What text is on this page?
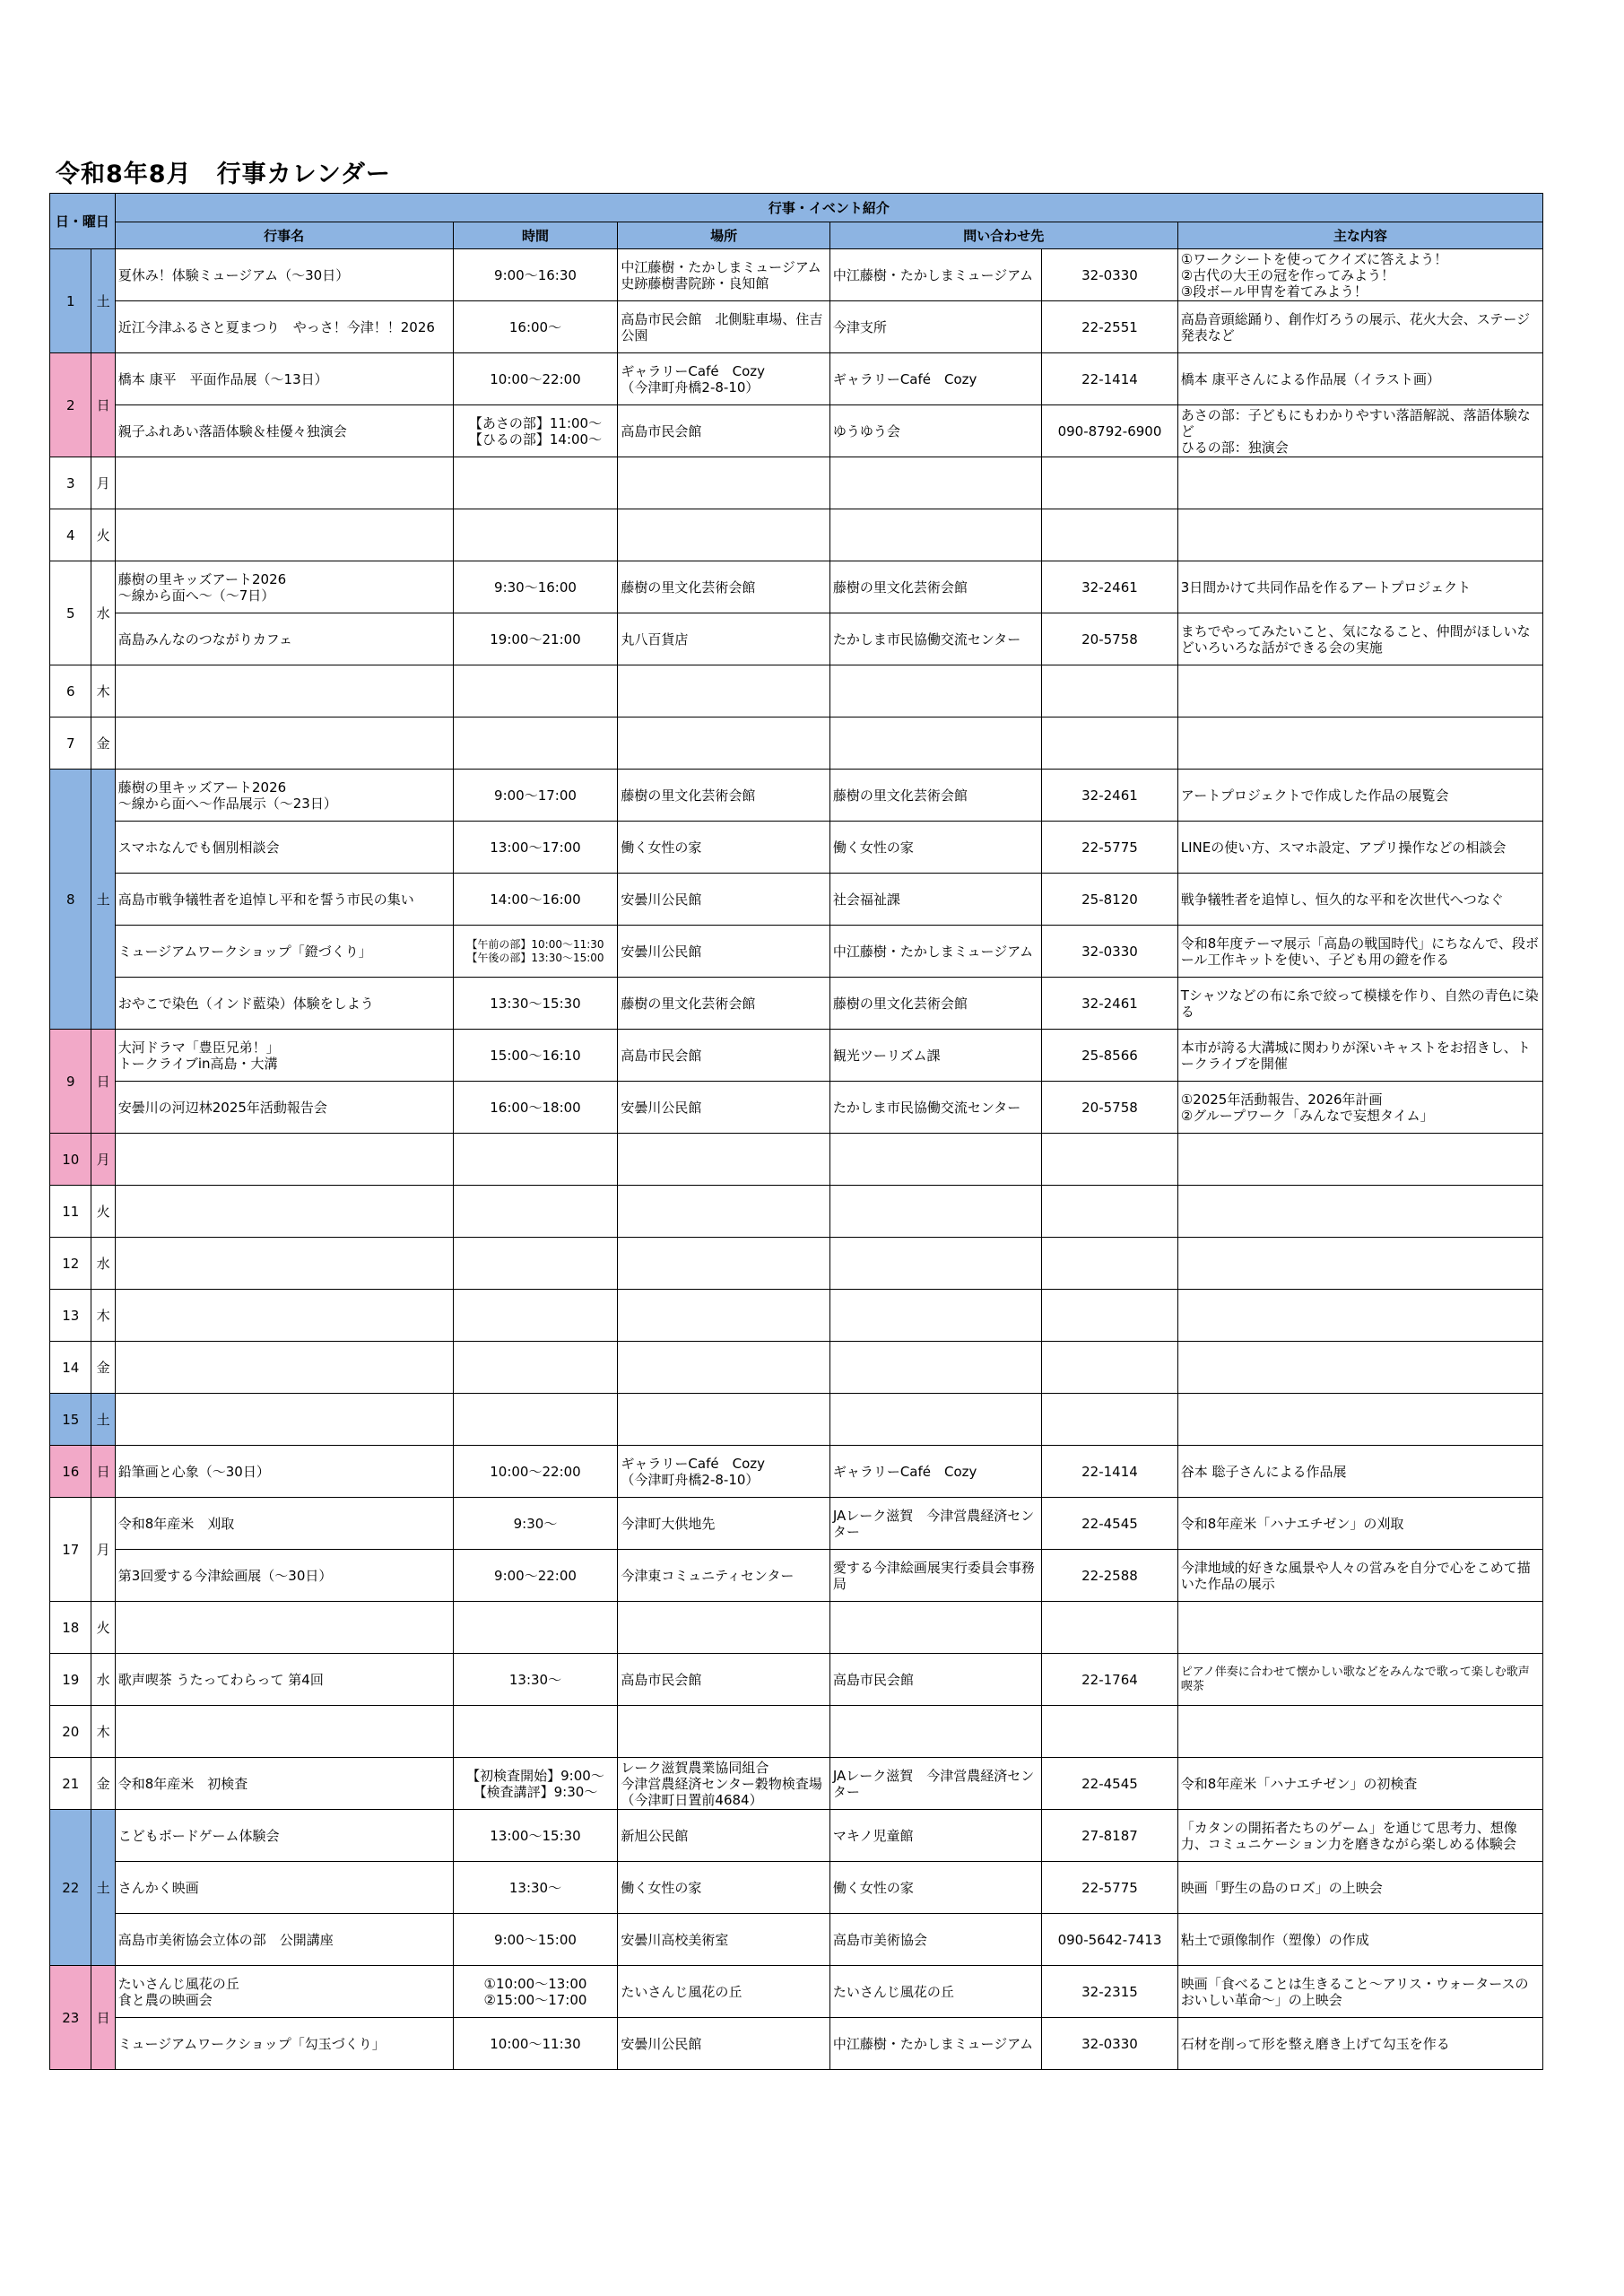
令和8年8月　行事カレンダー
日・曜日		行事・イベント紹介					
		行事名	時間	場所	問い合わせ先		主な内容
1	土	夏休み！体験ミュージアム（～30日）	9:00～16:30	中江藤樹・たかしまミュージアム
史跡藤樹書院跡・良知館	中江藤樹・たかしまミュージアム	32-0330	①ワークシートを使ってクイズに答えよう！
②古代の大王の冠を作ってみよう！
③段ボール甲冑を着てみよう！
		近江今津ふるさと夏まつり　やっさ！今津！！2026	16:00～	高島市民会館　北側駐車場、住吉公園	今津支所	22-2551	高島音頭総踊り、創作灯ろうの展示、花火大会、ステージ 発表など
2	日	橋本 康平　平面作品展（～13日）	10:00～22:00	ギャラリーCafé　Cozy
（今津町舟橋2-8-10）	ギャラリーCafé　Cozy	22-1414	橋本 康平さんによる作品展（イラスト画）
		親子ふれあい落語体験＆桂優々独演会	【あさの部】11:00～
【ひるの部】14:00～	高島市民会館	ゆうゆう会	090-8792-6900	あさの部：子どもにもわかりやすい落語解説、落語体験など
ひるの部：独演会
3	月						
4	火						
5	水	藤樹の里キッズアート2026
～線から面へ～（～7日）	9:30～16:00	藤樹の里文化芸術会館	藤樹の里文化芸術会館	32-2461	3日間かけて共同作品を作るアートプロジェクト
		高島みんなのつながりカフェ	19:00～21:00	丸八百貨店	たかしま市民協働交流センター	20-5758	まちでやってみたいこと、気になること、仲間がほしいなどいろいろな話ができる会の実施
6	木						
7	金						
8	土	藤樹の里キッズアート2026
～線から面へ～作品展示（～23日）	9:00～17:00	藤樹の里文化芸術会館	藤樹の里文化芸術会館	32-2461	アートプロジェクトで作成した作品の展覧会
		スマホなんでも個別相談会	13:00～17:00	働く女性の家	働く女性の家	22-5775	LINEの使い方、スマホ設定、アプリ操作などの相談会
		高島市戦争犠牲者を追悼し平和を誓う市民の集い	14:00～16:00	安曇川公民館	社会福祉課	25-8120	戦争犠牲者を追悼し、恒久的な平和を次世代へつなぐ
		ミュージアムワークショップ「鐙づくり」	【午前の部】10:00～11:30
【午後の部】13:30～15:00	安曇川公民館	中江藤樹・たかしまミュージアム	32-0330	令和8年度テーマ展示「高島の戦国時代」にちなんで、段ボール工作キットを使い、子ども用の鐙を作る
		おやこで染色（インド藍染）体験をしよう	13:30～15:30	藤樹の里文化芸術会館	藤樹の里文化芸術会館	32-2461	Tシャツなどの布に糸で絞って模様を作り、自然の青色に染る
9	日	大河ドラマ「豊臣兄弟！」
トークライブin高島・大溝	15:00～16:10	高島市民会館	観光ツーリズム課	25-8566	本市が誇る大溝城に関わりが深いキャストをお招きし、トークライブを開催
		安曇川の河辺林2025年活動報告会	16:00～18:00	安曇川公民館	たかしま市民協働交流センター	20-5758	①2025年活動報告、2026年計画
②グループワーク「みんなで妄想タイム」
10	月						
11	火						
12	水						
13	木						
14	金						
15	土						
16	日	鉛筆画と心象（～30日）	10:00～22:00	ギャラリーCafé　Cozy
（今津町舟橋2-8-10）	ギャラリーCafé　Cozy	22-1414	谷本 聡子さんによる作品展
17	月	令和8年産米　刈取	9:30～	今津町大供地先	JAレーク滋賀　今津営農経済センター	22-4545	令和8年産米「ハナエチゼン」の刈取
		第3回愛する今津絵画展（～30日）	9:00～22:00	今津東コミュニティセンター	愛する今津絵画展実行委員会事務局	22-2588	今津地域的好きな風景や人々の営みを自分で心をこめて描いた作品の展示
18	火						
19	水	歌声喫茶 うたってわらって 第4回	13:30～	高島市民会館	高島市民会館	22-1764	ピアノ伴奏に合わせて懐かしい歌などをみんなで歌って楽しむ歌声喫茶
20	木						
21	金	令和8年産米　初検査	【初検査開始】9:00～
【検査講評】9:30～	レーク滋賀農業協同組合
今津営農経済センター穀物検査場（今津町日置前4684）	JAレーク滋賀　今津営農経済センター	22-4545	令和8年産米「ハナエチゼン」の初検査
22	土	こどもボードゲーム体験会	13:00～15:30	新旭公民館	マキノ児童館	27-8187	「カタンの開拓者たちのゲーム」を通じて思考力、想像力、コミュニケーション力を磨きながら楽しめる体験会
		さんかく映画	13:30～	働く女性の家	働く女性の家	22-5775	映画「野生の島のロズ」の上映会
		高島市美術協会立体の部　公開講座	9:00～15:00	安曇川高校美術室	高島市美術協会	090-5642-7413	粘土で頭像制作（塑像）の作成
23	日	たいさんじ風花の丘
食と農の映画会	①10:00～13:00
②15:00～17:00	たいさんじ風花の丘	たいさんじ風花の丘	32-2315	映画「食べることは生きること～アリス・ウォータースのおいしい革命～」の上映会
		ミュージアムワークショップ「勾玉づくり」	10:00～11:30	安曇川公民館	中江藤樹・たかしまミュージアム	32-0330	石材を削って形を整え磨き上げて勾玉を作る
